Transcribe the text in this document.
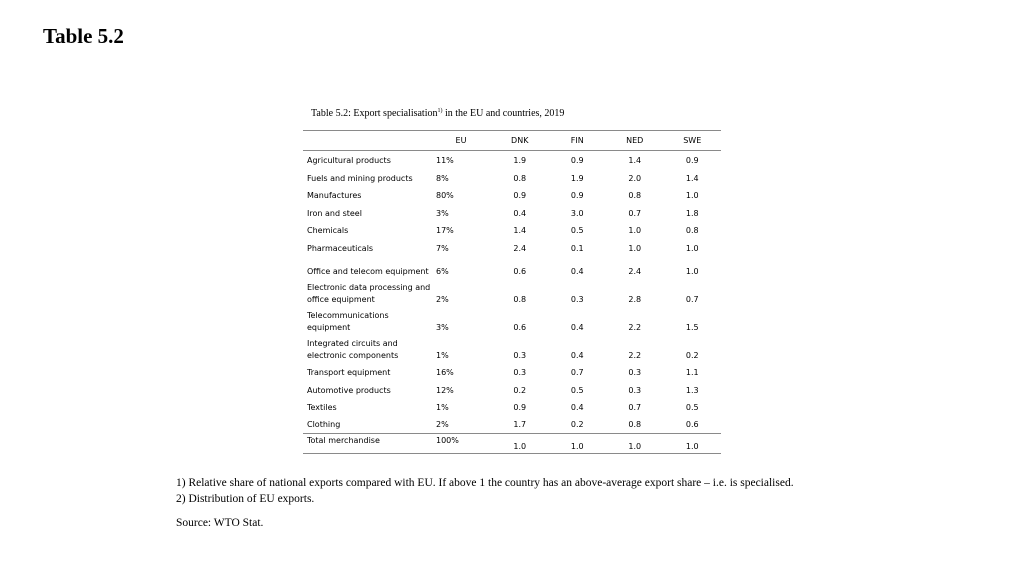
Table 5.2
Table 5.2: Export specialisation$^{1)}$ in the EU and countries, 2019
	EU	DNK	FIN	NED	SWE
Agricultural products	11%	1.9	0.9	1.4	0.9
Fuels and mining products	8%	0.8	1.9	2.0	1.4
Manufactures	80%	0.9	0.9	0.8	1.0
Iron and steel	3%	0.4	3.0	0.7	1.8
Chemicals	17%	1.4	0.5	1.0	0.8
Pharmaceuticals	7%	2.4	0.1	1.0	1.0
Office and telecom equipment	6%	0.6	0.4	2.4	1.0
Electronic data processing and office equipment	2%	0.8	0.3	2.8	0.7
Telecommunications equipment	3%	0.6	0.4	2.2	1.5
Integrated circuits and electronic components	1%	0.3	0.4	2.2	0.2
Transport equipment	16%	0.3	0.7	0.3	1.1
Automotive products	12%	0.2	0.5	0.3	1.3
Textiles	1%	0.9	0.4	0.7	0.5
Clothing	2%	1.7	0.2	0.8	0.6
Total merchandise	100%	1.0	1.0	1.0	1.0

1) Relative share of national exports compared with EU. If above 1 the country has an above-average export share – i.e. is specialised.

2) Distribution of EU exports.

Source: WTO Stat.
